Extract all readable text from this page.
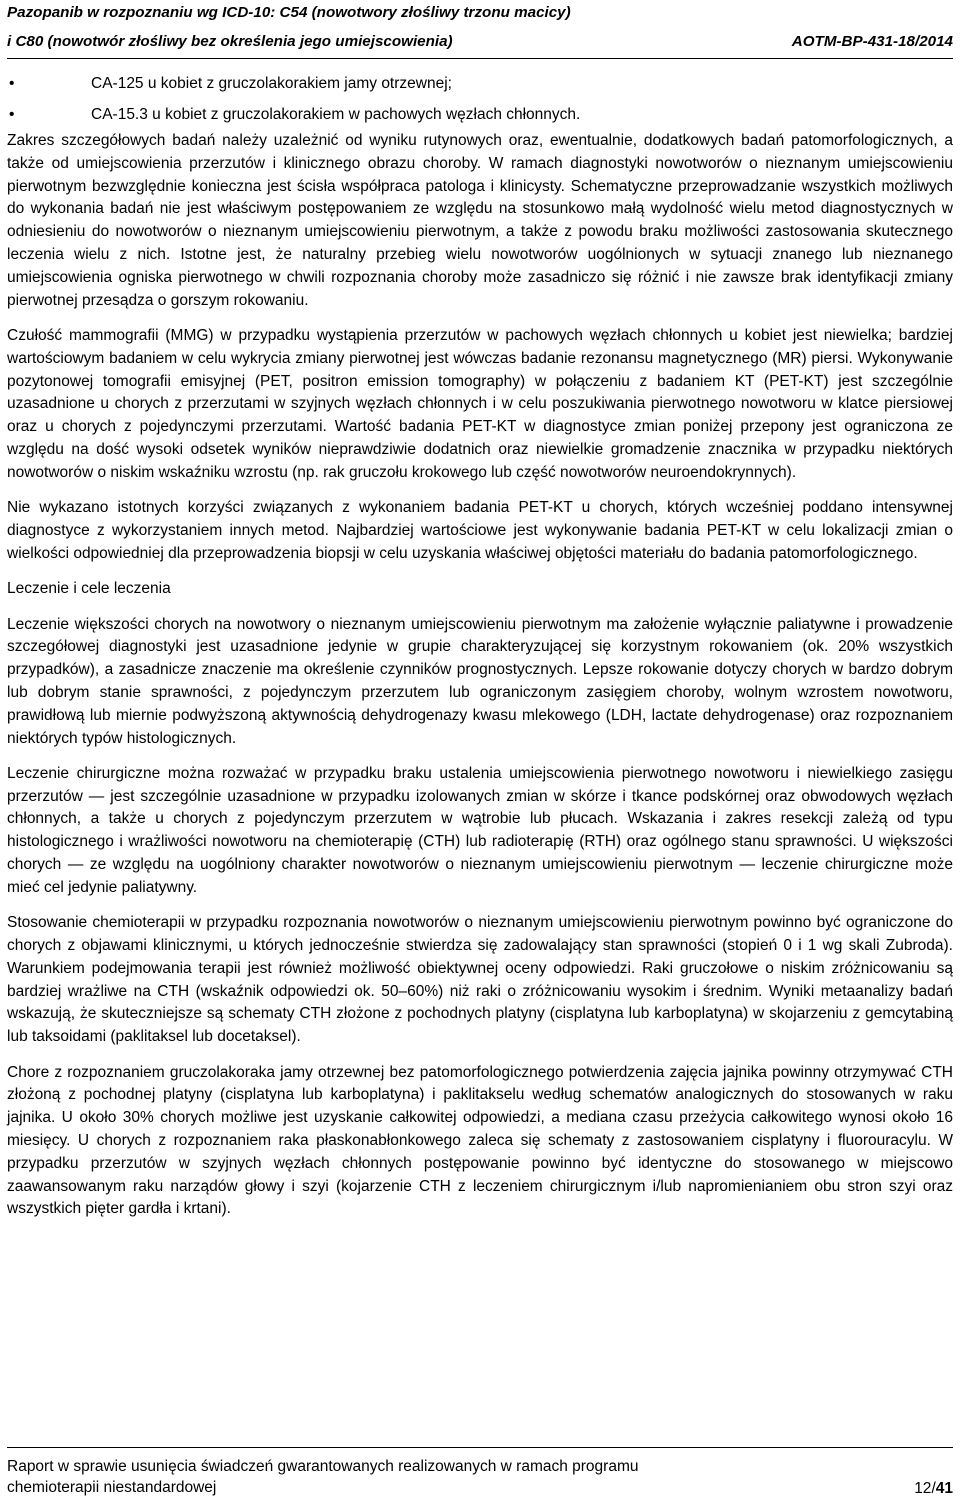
Pazopanib w rozpoznaniu wg ICD-10: C54 (nowotwory złośliwy trzonu macicy)
i C80 (nowotwór złośliwy bez określenia jego umiejscowienia)	AOTM-BP-431-18/2014
•	CA-125 u kobiet z gruczolakorakiem jamy otrzewnej;
•	CA-15.3 u kobiet z gruczolakorakiem w pachowych węzłach chłonnych.

Zakres szczegółowych badań należy uzależnić od wyniku rutynowych oraz, ewentualnie, dodatkowych badań patomorfologicznych, a także od umiejscowienia przerzutów i klinicznego obrazu choroby. W ramach diagnostyki nowotworów o nieznanym umiejscowieniu pierwotnym bezwzględnie konieczna jest ścisła współpraca patologa i klinicysty. Schematyczne przeprowadzanie wszystkich możliwych do wykonania badań nie jest właściwym postępowaniem ze względu na stosunkowo małą wydolność wielu metod diagnostycznych w odniesieniu do nowotworów o nieznanym umiejscowieniu pierwotnym, a także z powodu braku możliwości zastosowania skutecznego leczenia wielu z nich. Istotne jest, że naturalny przebieg wielu nowotworów uogólnionych w sytuacji znanego lub nieznanego umiejscowienia ogniska pierwotnego w chwili rozpoznania choroby może zasadniczo się różnić i nie zawsze brak identyfikacji zmiany pierwotnej przesądza o gorszym rokowaniu.

Czułość mammografii (MMG) w przypadku wystąpienia przerzutów w pachowych węzłach chłonnych u kobiet jest niewielka; bardziej wartościowym badaniem w celu wykrycia zmiany pierwotnej jest wówczas badanie rezonansu magnetycznego (MR) piersi. Wykonywanie pozytonowej tomografii emisyjnej (PET, positron emission tomography) w połączeniu z badaniem KT (PET-KT) jest szczególnie uzasadnione u chorych z przerzutami w szyjnych węzłach chłonnych i w celu poszukiwania pierwotnego nowotworu w klatce piersiowej oraz u chorych z pojedynczymi przerzutami. Wartość badania PET-KT w diagnostyce zmian poniżej przepony jest ograniczona ze względu na dość wysoki odsetek wyników nieprawdziwie dodatnich oraz niewielkie gromadzenie znacznika w przypadku niektórych nowotworów o niskim wskaźniku wzrostu (np. rak gruczołu krokowego lub część nowotworów neuroendokrynnych).

Nie wykazano istotnych korzyści związanych z wykonaniem badania PET-KT u chorych, których wcześniej poddano intensywnej diagnostyce z wykorzystaniem innych metod. Najbardziej wartościowe jest wykonywanie badania PET-KT w celu lokalizacji zmian o wielkości odpowiedniej dla przeprowadzenia biopsji w celu uzyskania właściwej objętości materiału do badania patomorfologicznego.

Leczenie i cele leczenia

Leczenie większości chorych na nowotwory o nieznanym umiejscowieniu pierwotnym ma założenie wyłącznie paliatywne i prowadzenie szczegółowej diagnostyki jest uzasadnione jedynie w grupie charakteryzującej się korzystnym rokowaniem (ok. 20% wszystkich przypadków), a zasadnicze znaczenie ma określenie czynników prognostycznych. Lepsze rokowanie dotyczy chorych w bardzo dobrym lub dobrym stanie sprawności, z pojedynczym przerzutem lub ograniczonym zasięgiem choroby, wolnym wzrostem nowotworu, prawidłową lub miernie podwyższoną aktywnością dehydrogenazy kwasu mlekowego (LDH, lactate dehydrogenase) oraz rozpoznaniem niektórych typów histologicznych.

Leczenie chirurgiczne można rozważać w przypadku braku ustalenia umiejscowienia pierwotnego nowotworu i niewielkiego zasięgu przerzutów — jest szczególnie uzasadnione w przypadku izolowanych zmian w skórze i tkance podskórnej oraz obwodowych węzłach chłonnych, a także u chorych z pojedynczym przerzutem w wątrobie lub płucach. Wskazania i zakres resekcji zależą od typu histologicznego i wrażliwości nowotworu na chemioterapię (CTH) lub radioterapię (RTH) oraz ogólnego stanu sprawności. U większości chorych — ze względu na uogólniony charakter nowotworów o nieznanym umiejscowieniu pierwotnym — leczenie chirurgiczne może mieć cel jedynie paliatywny.

Stosowanie chemioterapii w przypadku rozpoznania nowotworów o nieznanym umiejscowieniu pierwotnym powinno być ograniczone do chorych z objawami klinicznymi, u których jednocześnie stwierdza się zadowalający stan sprawności (stopień 0 i 1 wg skali Zubroda). Warunkiem podejmowania terapii jest również możliwość obiektywnej oceny odpowiedzi. Raki gruczołowe o niskim zróżnicowaniu są bardziej wrażliwe na CTH (wskaźnik odpowiedzi ok. 50–60%) niż raki o zróżnicowaniu wysokim i średnim. Wyniki metaanalizy badań wskazują, że skuteczniejsze są schematy CTH złożone z pochodnych platyny (cisplatyna lub karboplatyna) w skojarzeniu z gemcytabiną lub taksoidami (paklitaksel lub docetaksel).

Chore z rozpoznaniem gruczolakoraka jamy otrzewnej bez patomorfologicznego potwierdzenia zajęcia jajnika powinny otrzymywać CTH złożoną z pochodnej platyny (cisplatyna lub karboplatyna) i paklitakselu według schematów analogicznych do stosowanych w raku jajnika. U około 30% chorych możliwe jest uzyskanie całkowitej odpowiedzi, a mediana czasu przeżycia całkowitego wynosi około 16 miesięcy. U chorych z rozpoznaniem raka płaskonabłonkowego zaleca się schematy z zastosowaniem cisplatyny i fluorouracylu. W przypadku przerzutów w szyjnych węzłach chłonnych postępowanie powinno być identyczne do stosowanego w miejscowo zaawansowanym raku narządów głowy i szyi (kojarzenie CTH z leczeniem chirurgicznym i/lub napromienianiem obu stron szyi oraz wszystkich pięter gardła i krtani).

Raport w sprawie usunięcia świadczeń gwarantowanych realizowanych w ramach programu
chemioterapii niestandardowej	12/41
